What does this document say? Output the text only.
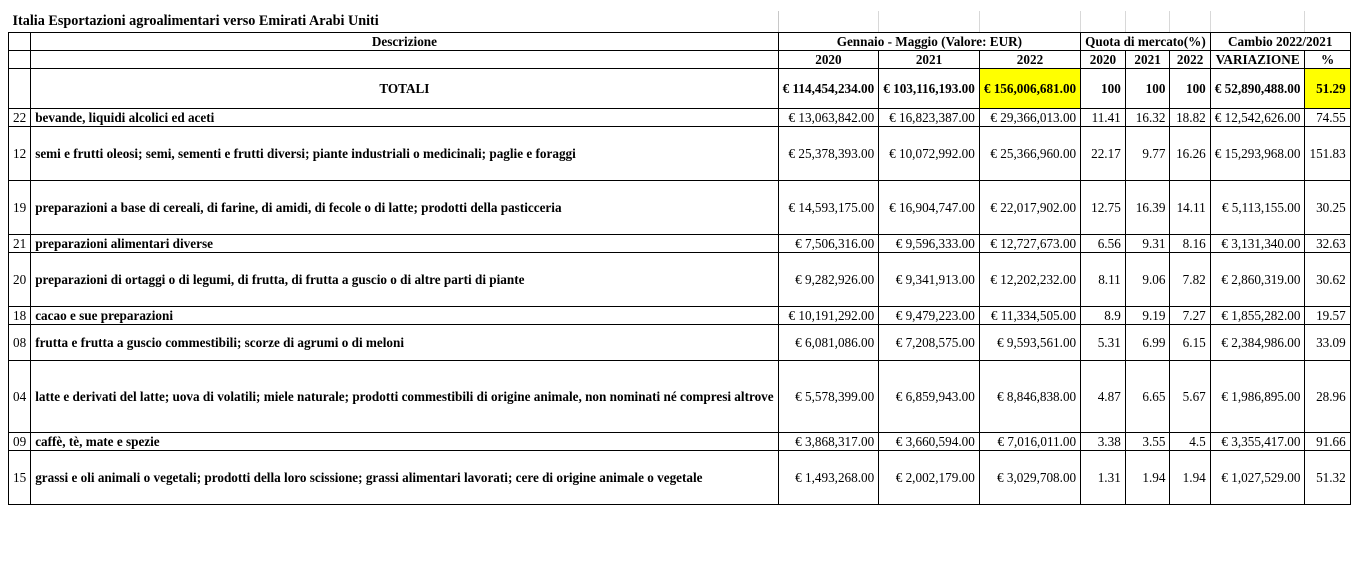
Italia Esportazioni agroalimentari verso Emirati Arabi Uniti									
	Descrizione	Gennaio - Maggio (Valore: EUR)			Quota di mercato(%)			Cambio 2022/2021	
		2020	2021	2022	2020	2021	2022	VARIAZIONE	%
	TOTALI	€ 114,454,234.00	€ 103,116,193.00	€ 156,006,681.00	100	100	100	€ 52,890,488.00	51.29
22	bevande, liquidi alcolici ed aceti	€ 13,063,842.00	€ 16,823,387.00	€ 29,366,013.00	11.41	16.32	18.82	€ 12,542,626.00	74.55
12	semi e frutti oleosi; semi, sementi e frutti diversi; piante industriali o medicinali; paglie e foraggi	€ 25,378,393.00	€ 10,072,992.00	€ 25,366,960.00	22.17	9.77	16.26	€ 15,293,968.00	151.83
19	preparazioni a base di cereali, di farine, di amidi, di fecole o di latte; prodotti della pasticceria	€ 14,593,175.00	€ 16,904,747.00	€ 22,017,902.00	12.75	16.39	14.11	€ 5,113,155.00	30.25
21	preparazioni alimentari diverse	€ 7,506,316.00	€ 9,596,333.00	€ 12,727,673.00	6.56	9.31	8.16	€ 3,131,340.00	32.63
20	preparazioni di ortaggi o di legumi, di frutta, di frutta a guscio o di altre parti di piante	€ 9,282,926.00	€ 9,341,913.00	€ 12,202,232.00	8.11	9.06	7.82	€ 2,860,319.00	30.62
18	cacao e sue preparazioni	€ 10,191,292.00	€ 9,479,223.00	€ 11,334,505.00	8.9	9.19	7.27	€ 1,855,282.00	19.57
08	frutta e frutta a guscio commestibili; scorze di agrumi o di meloni	€ 6,081,086.00	€ 7,208,575.00	€ 9,593,561.00	5.31	6.99	6.15	€ 2,384,986.00	33.09
04	latte e derivati del latte; uova di volatili; miele naturale; prodotti commestibili di origine animale, non nominati né compresi altrove	€ 5,578,399.00	€ 6,859,943.00	€ 8,846,838.00	4.87	6.65	5.67	€ 1,986,895.00	28.96
09	caffè, tè, mate e spezie	€ 3,868,317.00	€ 3,660,594.00	€ 7,016,011.00	3.38	3.55	4.5	€ 3,355,417.00	91.66
15	grassi e oli animali o vegetali; prodotti della loro scissione; grassi alimentari lavorati; cere di origine animale o vegetale	€ 1,493,268.00	€ 2,002,179.00	€ 3,029,708.00	1.31	1.94	1.94	€ 1,027,529.00	51.32
